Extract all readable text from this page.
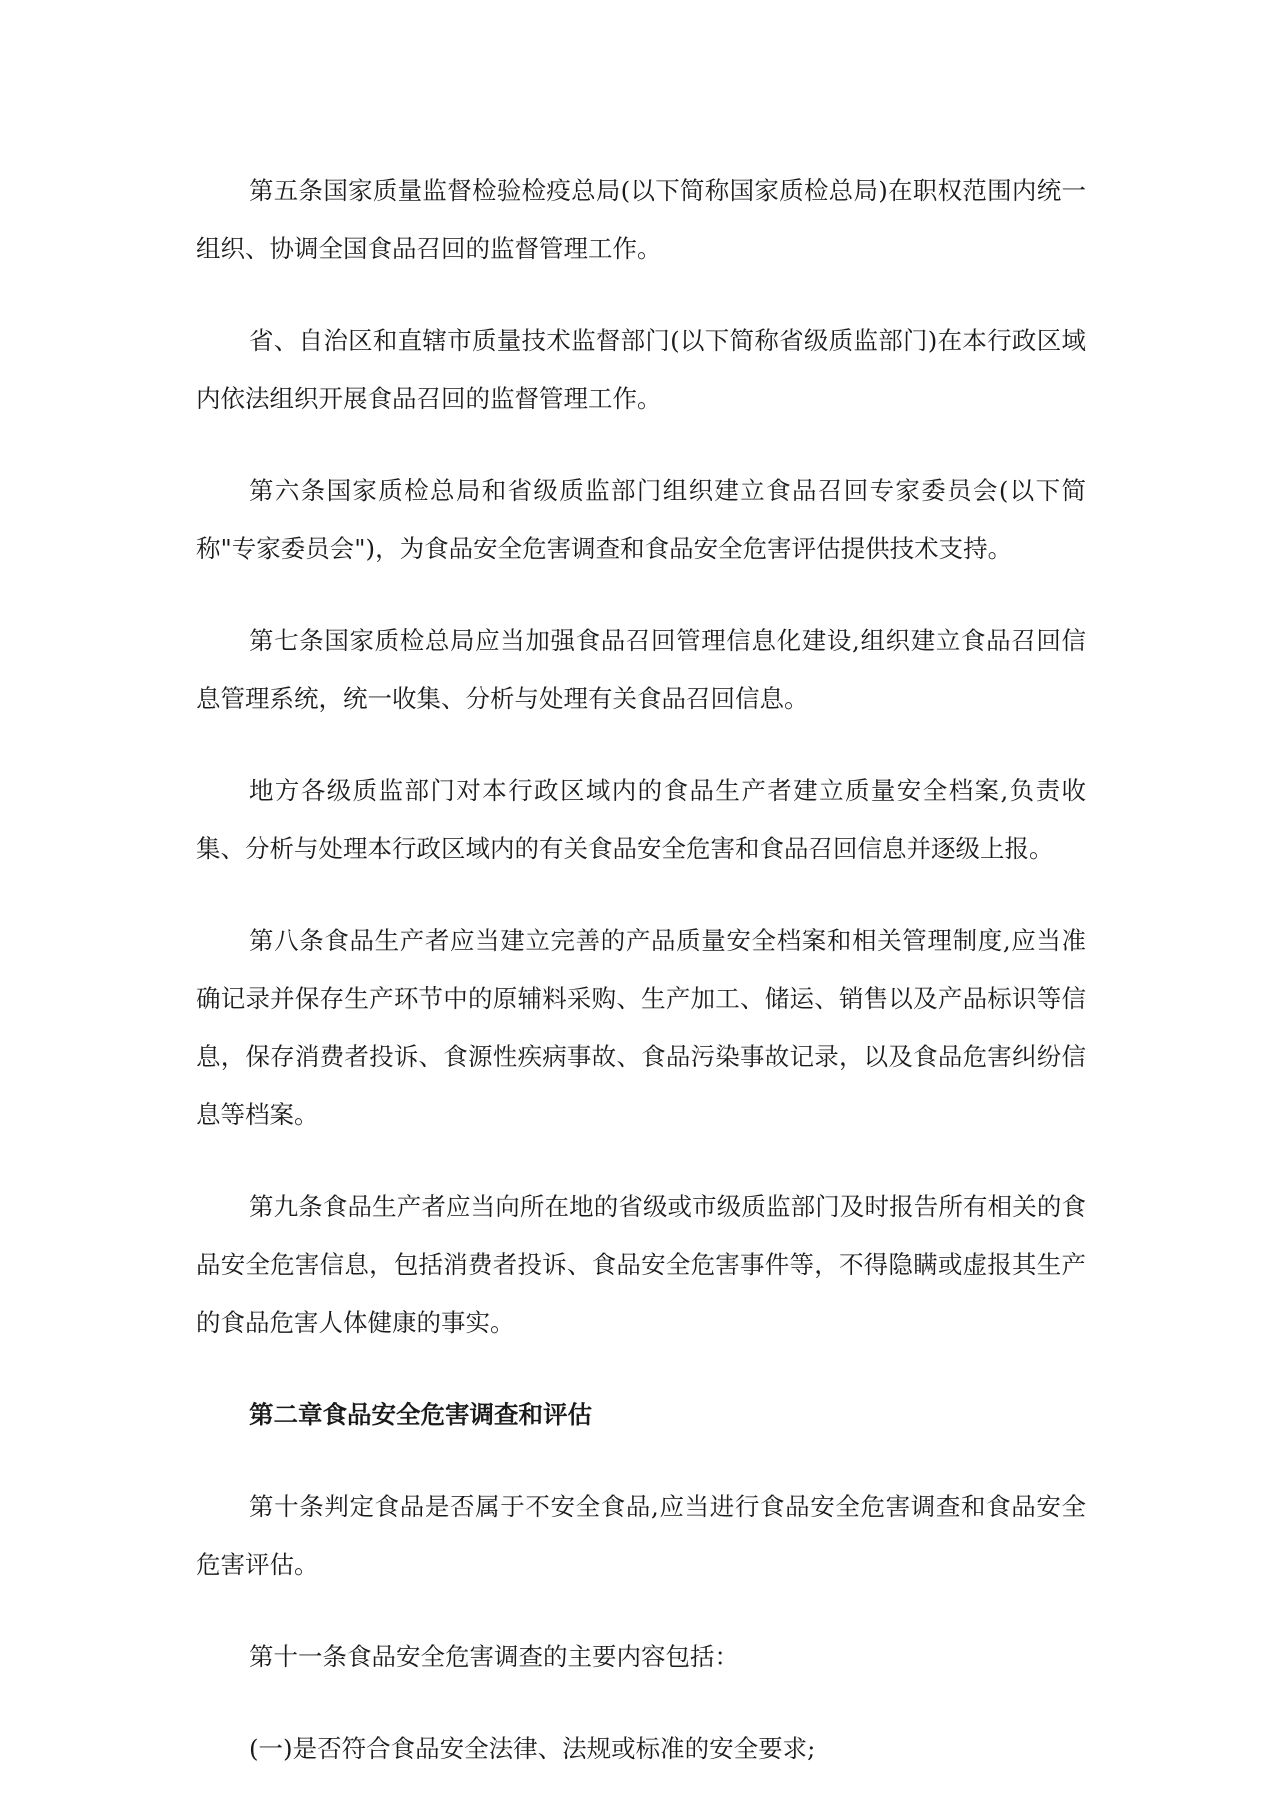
第五条国家质量监督检验检疫总局(以下简称国家质检总局)在职权范围内统一组织、协调全国食品召回的监督管理工作。

省、自治区和直辖市质量技术监督部门(以下简称省级质监部门)在本行政区域内依法组织开展食品召回的监督管理工作。

第六条国家质检总局和省级质监部门组织建立食品召回专家委员会(以下简称"专家委员会")，为食品安全危害调查和食品安全危害评估提供技术支持。

第七条国家质检总局应当加强食品召回管理信息化建设,组织建立食品召回信息管理系统，统一收集、分析与处理有关食品召回信息。

地方各级质监部门对本行政区域内的食品生产者建立质量安全档案,负责收集、分析与处理本行政区域内的有关食品安全危害和食品召回信息并逐级上报。

第八条食品生产者应当建立完善的产品质量安全档案和相关管理制度,应当准确记录并保存生产环节中的原辅料采购、生产加工、储运、销售以及产品标识等信息，保存消费者投诉、食源性疾病事故、食品污染事故记录，以及食品危害纠纷信息等档案。

第九条食品生产者应当向所在地的省级或市级质监部门及时报告所有相关的食品安全危害信息，包括消费者投诉、食品安全危害事件等，不得隐瞒或虚报其生产的食品危害人体健康的事实。

第二章食品安全危害调查和评估

第十条判定食品是否属于不安全食品,应当进行食品安全危害调查和食品安全危害评估。

第十一条食品安全危害调查的主要内容包括：

(一)是否符合食品安全法律、法规或标准的安全要求;
